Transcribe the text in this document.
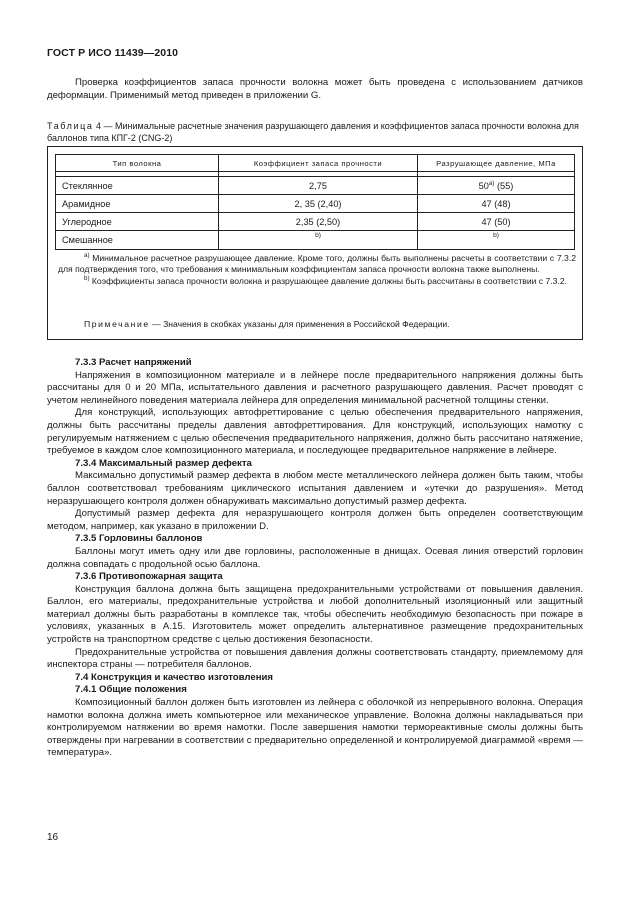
ГОСТ Р ИСО 11439—2010

Проверка коэффициентов запаса прочности волокна может быть проведена с использованием датчиков деформации. Применимый метод приведен в приложении G.

Таблица 4 — Минимальные расчетные значения разрушающего давления и коэффициентов запаса прочности волокна для баллонов типа КПГ-2 (CNG-2)
Тип волокна	Коэффициент запаса прочности	Разрушающее давление, МПа

Стеклянное	2,75	$50^{а)}$ (55)
Арамидное	2, 35 (2,40)	47 (48)
Углеродное	2,35 (2,50)	47 (50)
Смешанное	b)	b)

$^{а)}$ Минимальное расчетное разрушающее давление. Кроме того, должны быть выполнены расчеты в соответствии с 7.3.2 для подтверждения того, что требования к минимальным коэффициентам запаса прочности волокна также выполнены.

$^{b)}$ Коэффициенты запаса прочности волокна и разрушающее давление должны быть рассчитаны в соответствии с 7.3.2.

Примечание — Значения в скобках указаны для применения в Российской Федерации.

7.3.3 Расчет напряжений

Напряжения в композиционном материале и в лейнере после предварительного напряжения должны быть рассчитаны для 0 и 20 МПа, испытательного давления и расчетного разрушающего давления. Расчет проводят с учетом нелинейного поведения материала лейнера для определения минимальной расчетной толщины стенки.

Для конструкций, использующих автофреттирование с целью обеспечения предварительного напряжения, должны быть рассчитаны пределы давления автофреттирования. Для конструкций, использующих намотку с регулируемым натяжением с целью обеспечения предварительного напряжения, должно быть рассчитано натяжение, требуемое в каждом слое композиционного материала, и последующее предварительное напряжение в лейнере.

7.3.4 Максимальный размер дефекта

Максимально допустимый размер дефекта в любом месте металлического лейнера должен быть таким, чтобы баллон соответствовал требованиям циклического испытания давлением и «утечки до разрушения». Метод неразрушающего контроля должен обнаруживать максимально допустимый размер дефекта.

Допустимый размер дефекта для неразрушающего контроля должен быть определен соответствующим методом, например, как указано в приложении D.

7.3.5 Горловины баллонов

Баллоны могут иметь одну или две горловины, расположенные в днищах. Осевая линия отверстий горловин должна совпадать с продольной осью баллона.

7.3.6 Противопожарная защита

Конструкция баллона должна быть защищена предохранительными устройствами от повышения давления. Баллон, его материалы, предохранительные устройства и любой дополнительный изоляционный или защитный материал должны быть разработаны в комплексе так, чтобы обеспечить необходимую безопасность при пожаре в условиях, указанных в А.15. Изготовитель может определить альтернативное размещение предохранительных устройств на транспортном средстве с целью достижения безопасности.

Предохранительные устройства от повышения давления должны соответствовать стандарту, приемлемому для инспектора страны — потребителя баллонов.

7.4 Конструкция и качество изготовления

7.4.1 Общие положения

Композиционный баллон должен быть изготовлен из лейнера с оболочкой из непрерывного волокна. Операция намотки волокна должна иметь компьютерное или механическое управление. Волокна должны накладываться при контролируемом натяжении во время намотки. После завершения намотки термореактивные смолы должны быть отверждены при нагревании в соответствии с предварительно определенной и контролируемой диаграммой «время — температура».

16
